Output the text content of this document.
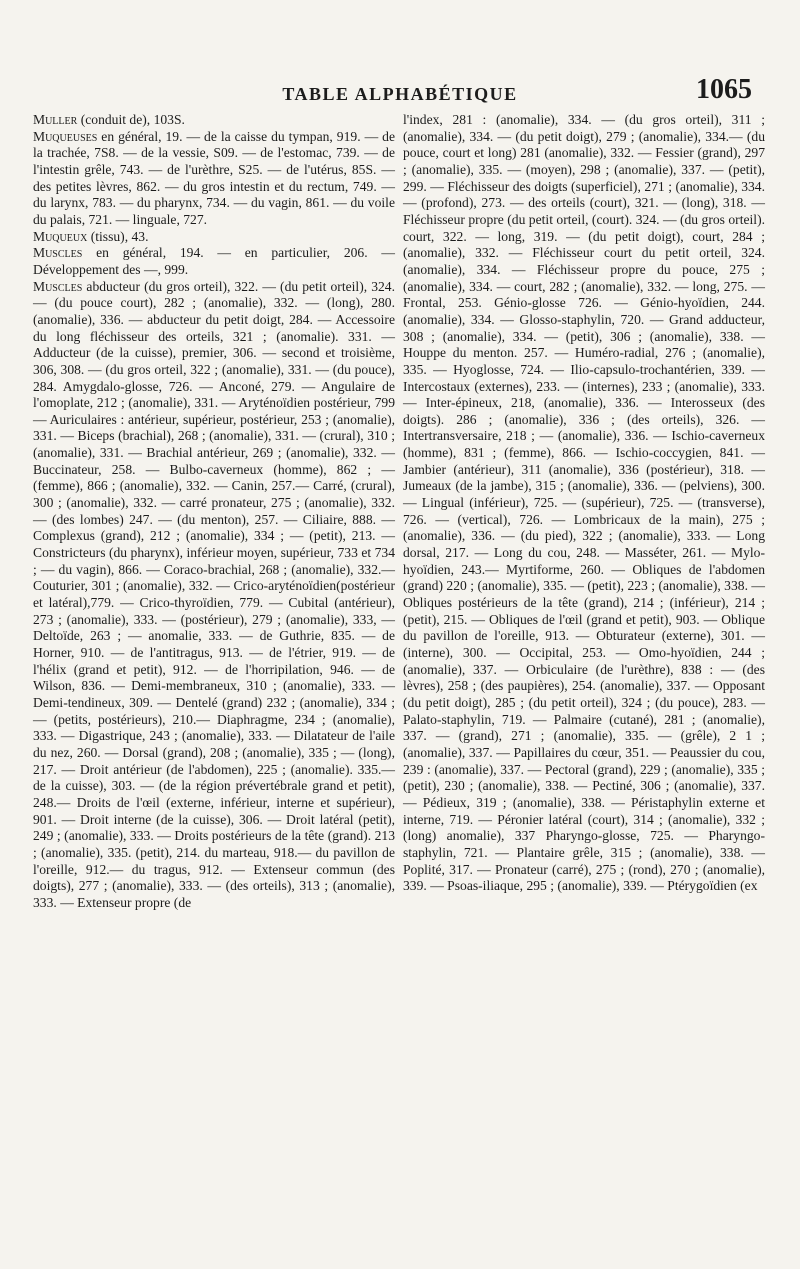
TABLE ALPHABÉTIQUE	1065

Muller (conduit de), 103S.

Muqueuses en général, 19. — de la caisse du tympan, 919. — de la trachée, 7S8. — de la vessie, S09. — de l'estomac, 739. — de l'intestin grêle, 743. — de l'urèthre, S25. — de l'utérus, 85S. — des petites lèvres, 862. — du gros intestin et du rectum, 749. — du larynx, 783. — du pharynx, 734. — du vagin, 861. — du voile du palais, 721. — linguale, 727.

Muqueux (tissu), 43.

Muscles en général, 194. — en particulier, 206. — Développement des —, 999.

Muscles abducteur (du gros orteil), 322. — (du petit orteil), 324. — (du pouce court), 282 ; (anomalie), 332. — (long), 280. (anomalie), 336. — abducteur du petit doigt, 284. — Accessoire du long fléchisseur des orteils, 321 ; (anomalie). 331. — Adducteur (de la cuisse), premier, 306. — second et troisième, 306, 308. — (du gros orteil, 322 ; (anomalie), 331. — (du pouce), 284. Amygdalo-glosse, 726. — Anconé, 279. — Angulaire de l'omoplate, 212 ; (anomalie), 331. — Aryténoïdien postérieur, 799 — Auriculaires : antérieur, supérieur, postérieur, 253 ; (anomalie), 331. — Biceps (brachial), 268 ; (anomalie), 331. — (crural), 310 ; (anomalie), 331. — Brachial antérieur, 269 ; (anomalie), 332. — Buccinateur, 258. — Bulbo-caverneux (homme), 862 ; — (femme), 866 ; (anomalie), 332. — Canin, 257.— Carré, (crural), 300 ; (anomalie), 332. — carré pronateur, 275 ; (anomalie), 332. — (des lombes) 247. — (du menton), 257. — Ciliaire, 888. — Complexus (grand), 212 ; (anomalie), 334 ; — (petit), 213. — Constricteurs (du pharynx), inférieur moyen, supérieur, 733 et 734 ; — du vagin), 866. — Coraco-brachial, 268 ; (anomalie), 332.— Couturier, 301 ; (anomalie), 332. — Crico-aryténoïdien(postérieur et latéral),779. — Crico-thyroïdien, 779. — Cubital (antérieur), 273 ; (anomalie), 333. — (postérieur), 279 ; (anomalie), 333, — Deltoïde, 263 ; — anomalie, 333. — de Guthrie, 835. — de Horner, 910. — de l'antitragus, 913. — de l'étrier, 919. — de l'hélix (grand et petit), 912. — de l'horripilation, 946. — de Wilson, 836. — Demi-membraneux, 310 ; (anomalie), 333. — Demi-tendineux, 309. — Dentelé (grand) 232 ; (anomalie), 334 ; — (petits, postérieurs), 210.— Diaphragme, 234 ; (anomalie), 333. — Digastrique, 243 ; (anomalie), 333. — Dilatateur de l'aile du nez, 260. — Dorsal (grand), 208 ; (anomalie), 335 ; — (long), 217. — Droit antérieur (de l'abdomen), 225 ; (anomalie). 335.— de la cuisse), 303. — (de la région prévertébrale grand et petit), 248.— Droits de l'œil (externe, inférieur, interne et supérieur), 901. — Droit interne (de la cuisse), 306. — Droit latéral (petit), 249 ; (anomalie), 333. — Droits postérieurs de la tête (grand). 213 ; (anomalie), 335. (petit), 214. du marteau, 918.— du pavillon de l'oreille, 912.— du tragus, 912. — Extenseur commun (des doigts), 277 ; (anomalie), 333. — (des orteils), 313 ; (anomalie), 333. — Extenseur propre (de

l'index, 281 : (anomalie), 334. — (du gros orteil), 311 ; (anomalie), 334. — (du petit doigt), 279 ; (anomalie), 334.— (du pouce, court et long) 281 (anomalie), 332. — Fessier (grand), 297 ; (anomalie), 335. — (moyen), 298 ; (anomalie), 337. — (petit), 299. — Fléchisseur des doigts (superficiel), 271 ; (anomalie), 334. — (profond), 273. — des orteils (court), 321. — (long), 318. — Fléchisseur propre (du petit orteil, (court). 324. — (du gros orteil). court, 322. — long, 319. — (du petit doigt), court, 284 ; (anomalie), 332. — Fléchisseur court du petit orteil, 324. (anomalie), 334. — Fléchisseur propre du pouce, 275 ; (anomalie), 334. — court, 282 ; (anomalie), 332. — long, 275. — Frontal, 253. Génio-glosse 726. — Génio-hyoïdien, 244. (anomalie), 334. — Glosso-staphylin, 720. — Grand adducteur, 308 ; (anomalie), 334. — (petit), 306 ; (anomalie), 338. — Houppe du menton. 257. — Huméro-radial, 276 ; (anomalie), 335. — Hyoglosse, 724. — Ilio-capsulo-trochantérien, 339. — Intercostaux (externes), 233. — (internes), 233 ; (anomalie), 333. — Inter-épineux, 218, (anomalie), 336. — Interosseux (des doigts). 286 ; (anomalie), 336 ; (des orteils), 326. — Intertransversaire, 218 ; — (anomalie), 336. — Ischio-caverneux (homme), 831 ; (femme), 866. — Ischio-coccygien, 841. — Jambier (antérieur), 311 (anomalie), 336 (postérieur), 318. — Jumeaux (de la jambe), 315 ; (anomalie), 336. — (pelviens), 300. — Lingual (inférieur), 725. — (supérieur), 725. — (transverse), 726. — (vertical), 726. — Lombricaux de la main), 275 ; (anomalie), 336. — (du pied), 322 ; (anomalie), 333. — Long dorsal, 217. — Long du cou, 248. — Masséter, 261. — Mylo-hyoïdien, 243.— Myrtiforme, 260. — Obliques de l'abdomen (grand) 220 ; (anomalie), 335. — (petit), 223 ; (anomalie), 338. — Obliques postérieurs de la tête (grand), 214 ; (inférieur), 214 ; (petit), 215. — Obliques de l'œil (grand et petit), 903. — Oblique du pavillon de l'oreille, 913. — Obturateur (externe), 301. — (interne), 300. — Occipital, 253. — Omo-hyoïdien, 244 ; (anomalie), 337. — Orbiculaire (de l'urèthre), 838 : — (des lèvres), 258 ; (des paupières), 254. (anomalie), 337. — Opposant (du petit doigt), 285 ; (du petit orteil), 324 ; (du pouce), 283. — Palato-staphylin, 719. — Palmaire (cutané), 281 ; (anomalie), 337. — (grand), 271 ; (anomalie), 335. — (grêle), 2 1 ; (anomalie), 337. — Papillaires du cœur, 351. — Peaussier du cou, 239 : (anomalie), 337. — Pectoral (grand), 229 ; (anomalie), 335 ; (petit), 230 ; (anomalie), 338. — Pectiné, 306 ; (anomalie), 337. — Pédieux, 319 ; (anomalie), 338. — Péristaphylin externe et interne, 719. — Péronier latéral (court), 314 ; (anomalie), 332 ; (long) anomalie), 337 Pharyngo-glosse, 725. — Pharyngo-staphylin, 721. — Plantaire grêle, 315 ; (anomalie), 338. — Poplité, 317. — Pronateur (carré), 275 ; (rond), 270 ; (anomalie), 339. — Psoas-iliaque, 295 ; (anomalie), 339. — Ptérygoïdien (ex
